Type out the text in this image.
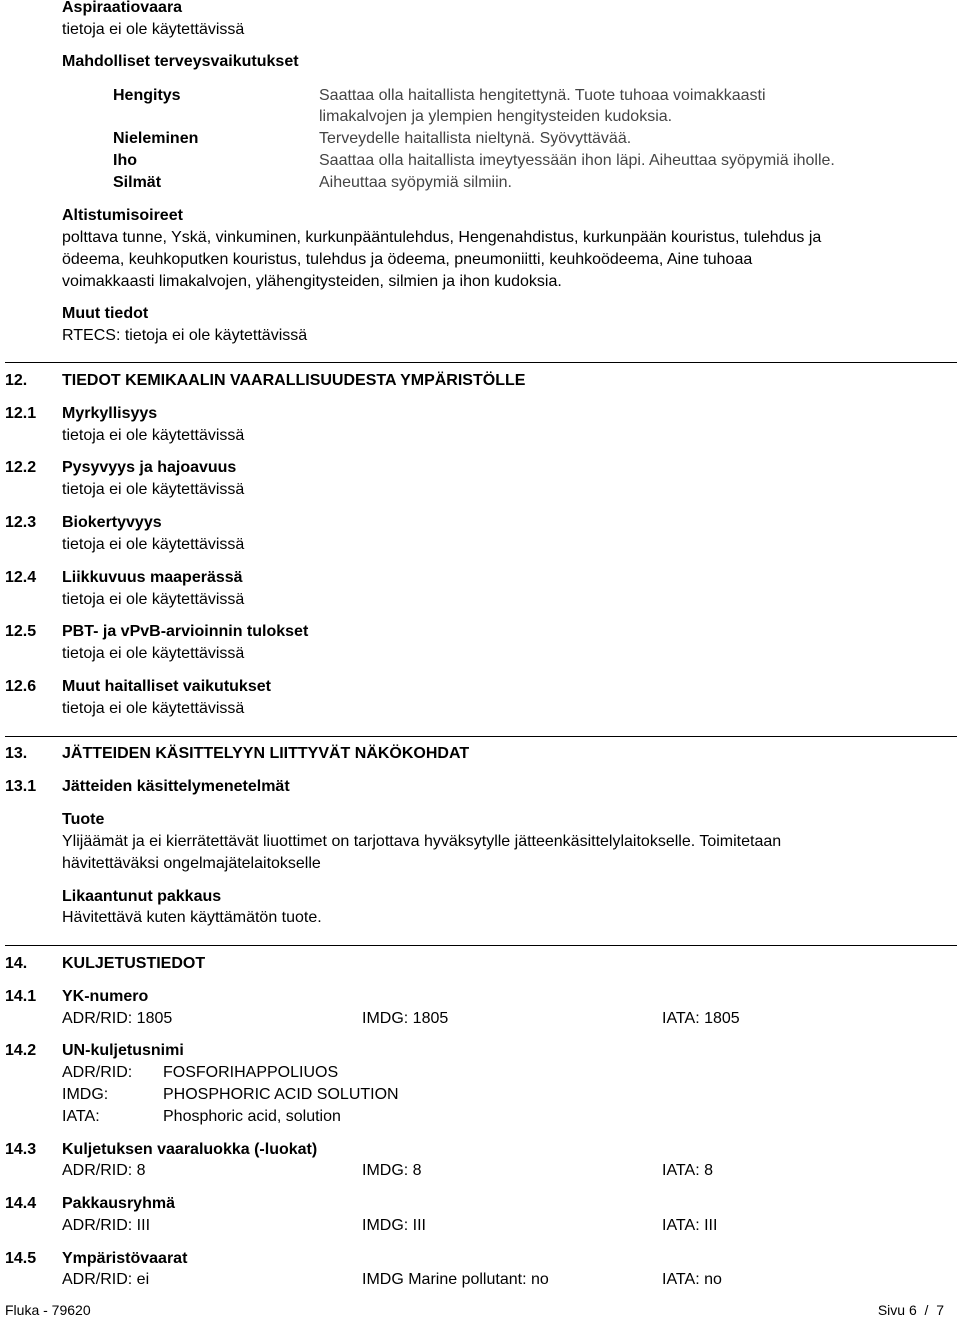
Aspiraatiovaara
tietoja ei ole käytettävissä
Mahdolliset terveysvaikutukset
Hengitys	Saattaa olla haitallista hengitettynä. Tuote tuhoaa voimakkaasti
limakalvojen ja ylempien hengitysteiden kudoksia.
Nieleminen	Terveydelle haitallista nieltynä. Syövyttävää.
Iho	Saattaa olla haitallista imeytyessään ihon läpi. Aiheuttaa syöpymiä iholle.
Silmät	Aiheuttaa syöpymiä silmiin.
Altistumisoireet
polttava tunne, Yskä, vinkuminen, kurkunpääntulehdus, Hengenahdistus, kurkunpään kouristus, tulehdus ja
ödeema, keuhkoputken kouristus, tulehdus ja ödeema, pneumoniitti, keuhkoödeema, Aine tuhoaa
voimakkaasti limakalvojen, ylähengitysteiden, silmien ja ihon kudoksia.
Muut tiedot
RTECS: tietoja ei ole käytettävissä
12. TIEDOT KEMIKAALIN VAARALLISUUDESTA YMPÄRISTÖLLE
12.1 Myrkyllisyys
tietoja ei ole käytettävissä
12.2 Pysyvyys ja hajoavuus
tietoja ei ole käytettävissä
12.3 Biokertyvyys
tietoja ei ole käytettävissä
12.4 Liikkuvuus maaperässä
tietoja ei ole käytettävissä
12.5 PBT- ja vPvB-arvioinnin tulokset
tietoja ei ole käytettävissä
12.6 Muut haitalliset vaikutukset
tietoja ei ole käytettävissä
13. JÄTTEIDEN KÄSITTELYYN LIITTYVÄT NÄKÖKOHDAT
13.1 Jätteiden käsittelymenetelmät
Tuote
Ylijäämät ja ei kierrätettävät liuottimet on tarjottava hyväksytylle jätteenkäsittelylaitokselle. Toimitetaan
hävitettäväksi ongelmajätelaitokselle
Likaantunut pakkaus
Hävitettävä kuten käyttämätön tuote.
14. KULJETUSTIEDOT
14.1 YK-numero
ADR/RID: 1805	IMDG: 1805	IATA: 1805
14.2 UN-kuljetusnimi
ADR/RID: FOSFORIHAPPOLIUOS
IMDG:	PHOSPHORIC ACID SOLUTION
IATA:	Phosphoric acid, solution
14.3 Kuljetuksen vaaraluokka (-luokat)
ADR/RID: 8	IMDG: 8	IATA: 8
14.4 Pakkausryhmä
ADR/RID: III	IMDG: III	IATA: III
14.5 Ympäristövaarat
ADR/RID: ei	IMDG Marine pollutant: no	IATA: no
Fluka - 79620	Sivu 6  /  7
